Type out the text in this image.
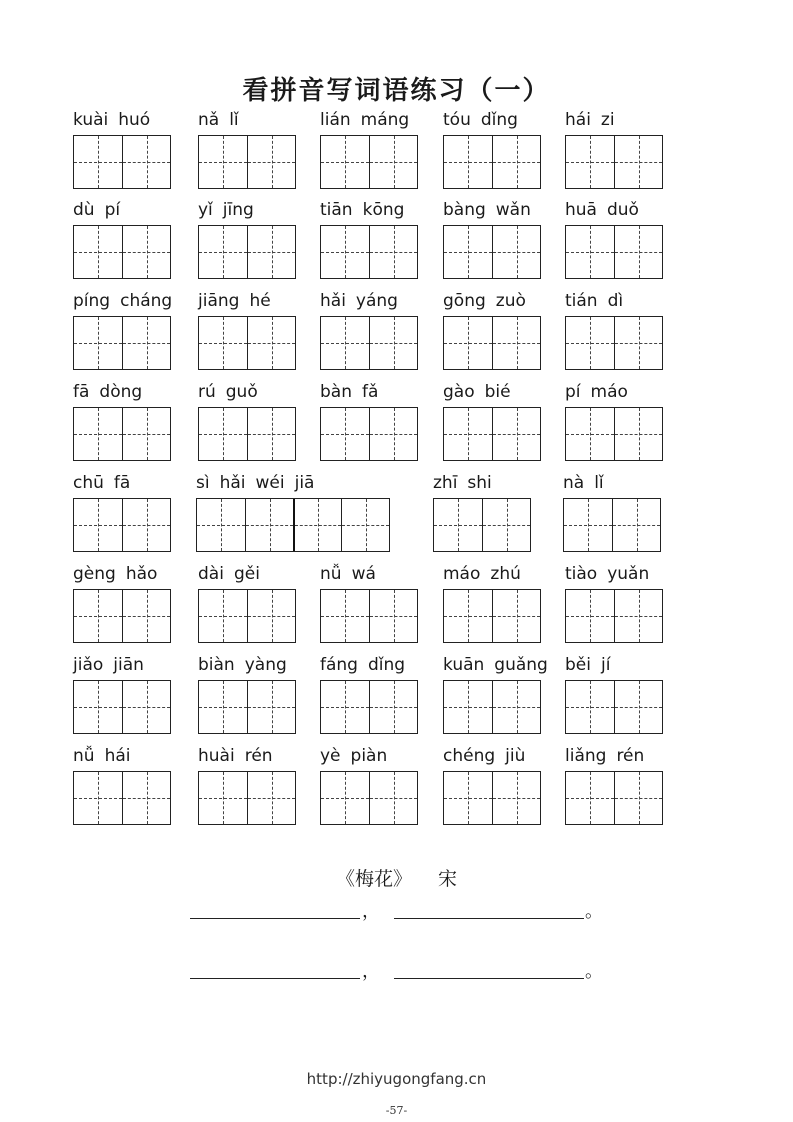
看拼音写词语练习（一）
kuài huó	nǎ lǐ	lián máng	tóu dǐng	hái zi
dù pí	yǐ jīng	tiān kōng	bàng wǎn	huā duǒ
píng cháng	jiāng hé	hǎi yáng	gōng zuò	tián dì
fā dòng	rú guǒ	bàn fǎ	gào bié	pí máo
chū fā	sì hǎi wéi jiā	zhī shi	nà lǐ
gèng hǎo	dài gěi	nǚ wá	máo zhú	tiào yuǎn
jiǎo jiān	biàn yàng	fáng dǐng	kuān guǎng	běi jí
nǚ hái	huài rén	yè piàn	chéng jiù	liǎng rén
《梅花》 宋
，	。
，	。
http://zhiyugongfang.cn
-57-
